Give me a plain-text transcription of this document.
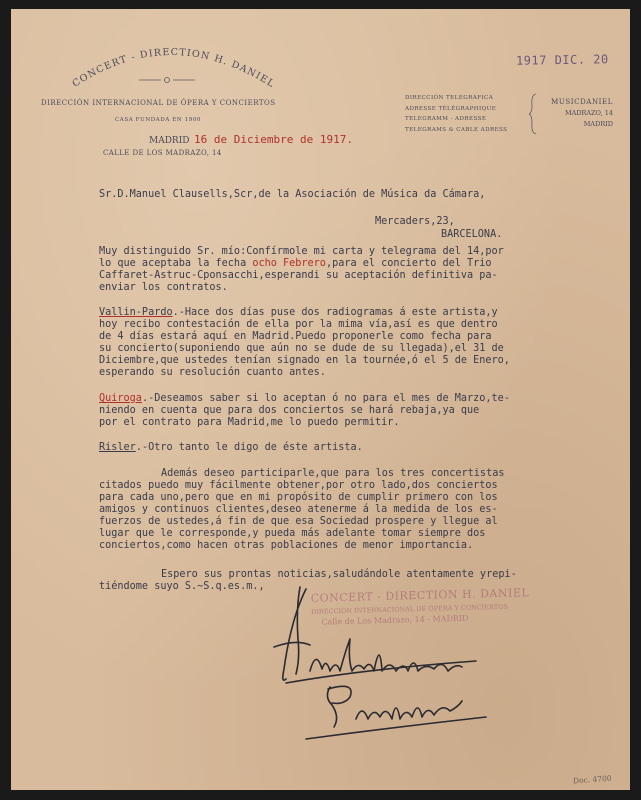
CONCERT - DIRECTION H. DANIEL
DIRECCIÓN INTERNACIONAL DE ÓPERA Y CONCIERTOS
CASA FUNDADA EN 1900
MADRID 16 de Diciembre de 1917.
CALLE DE LOS MADRAZO, 14
DIRECCIÓN TELEGRÁFICA
ADRESSE TÉLÉGRAPHIQUE
TELEGRAMM - ADRESSE
TELEGRAMS & CABLE ADRESS
MUSICDANIEL
MADRAZO, 14
MADRID
1917 DIC. 20
Sr.D.Manuel Clausells,Scr,de la Asociación de Música da Cámara,
Mercaders,23,
BARCELONA.
Muy distinguido Sr. mío:Confírmole mi carta y telegrama del 14,por
lo que aceptaba la fecha ocho Febrero,para el concierto del Trio
Caffaret-Astruc-Cponsacchi,esperandi su aceptación definitiva pa-
enviar los contratos.
Vallin-Pardo.-Hace dos días puse dos radiogramas á este artista,y
hoy recibo contestación de ella por la mima vía,así es que dentro
de 4 días estará aquí en Madrid.Puedo proponerle como fecha para
su concierto(suponiendo que aún no se dude de su llegada),el 31 de
Diciembre,que ustedes tenían signado en la tournée,ó el 5 de Enero,
esperando su resolución cuanto antes.
Quiroga.-Deseamos saber si lo aceptan ó no para el mes de Marzo,te-
niendo en cuenta que para dos conciertos se hará rebaja,ya que
por el contrato para Madrid,me lo puedo permitir.
Risler.-Otro tanto le digo de éste artista.
Además deseo participarle,que para los tres concertistas
citados puedo muy fácilmente obtener,por otro lado,dos conciertos
para cada uno,pero que en mi propósito de cumplir primero con los
amigos y continuos clientes,deseo atenerme á la medida de los es-
fuerzos de ustedes,á fin de que esa Sociedad prospere y llegue al
lugar que le corresponde,y pueda más adelante tomar siempre dos
conciertos,como hacen otras poblaciones de menor importancia.
Espero sus prontas noticias,saludándole atentamente yrepi-
tiéndome suyo S.~S.q.es.m.,	CONCERT - DIRECTION H. DANIEL
DIRECCIÓN INTERNACIONAL DE ÓPERA Y CONCIERTOS
Calle de Los Madrazo, 14 - MADRID
Doc. 4700
